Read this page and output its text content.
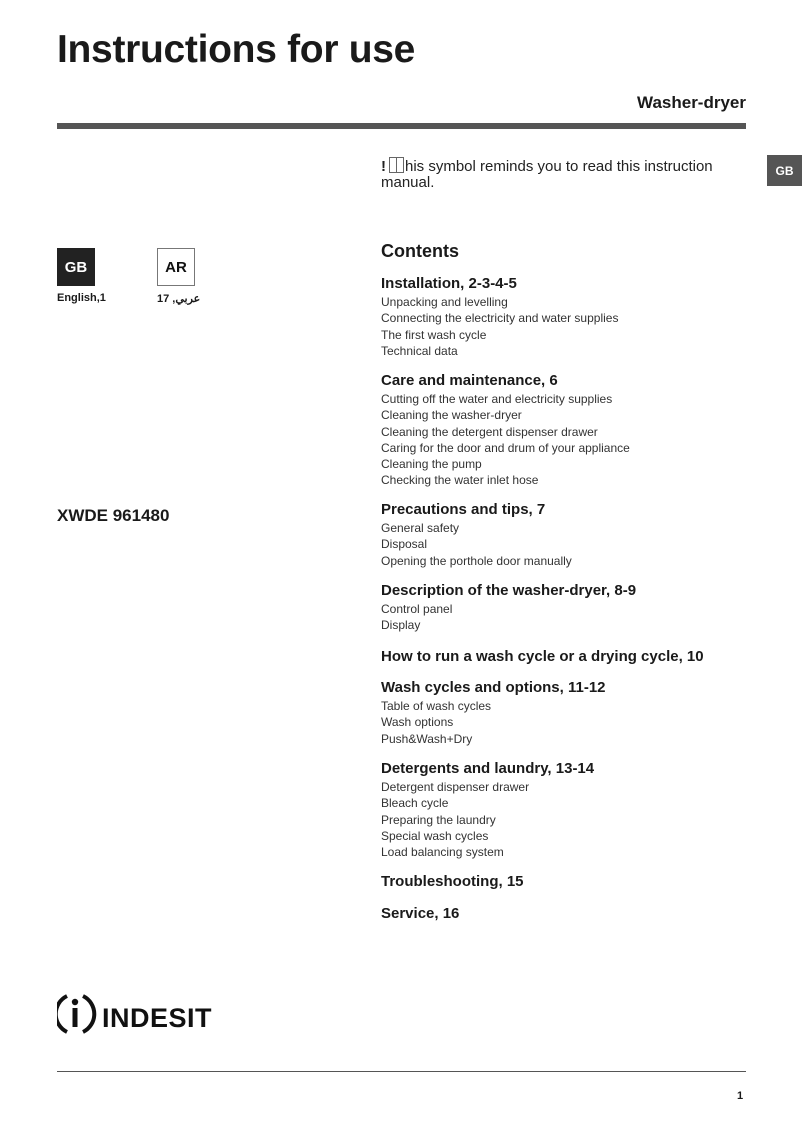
Instructions for use
Washer-dryer
GB
! his symbol reminds you to read this instruction manual.
GB	AR
English,1	عربي, 17
XWDE 961480
Contents
Installation, 2-3-4-5
Unpacking and levelling
Connecting the electricity and water supplies
The first wash cycle
Technical data
Care and maintenance, 6
Cutting off the water and electricity supplies
Cleaning the washer-dryer
Cleaning the detergent dispenser drawer
Caring for the door and drum of your appliance
Cleaning the pump
Checking the water inlet hose
Precautions and tips, 7
General safety
Disposal
Opening the porthole door manually
Description of the washer-dryer, 8-9
Control panel
Display
How to run a wash cycle or a drying cycle, 10
Wash cycles and options, 11-12
Table of wash cycles
Wash options
Push&Wash+Dry
Detergents and laundry, 13-14
Detergent dispenser drawer
Bleach cycle
Preparing the laundry
Special wash cycles
Load balancing system
Troubleshooting, 15
Service, 16
INDESIT
1
